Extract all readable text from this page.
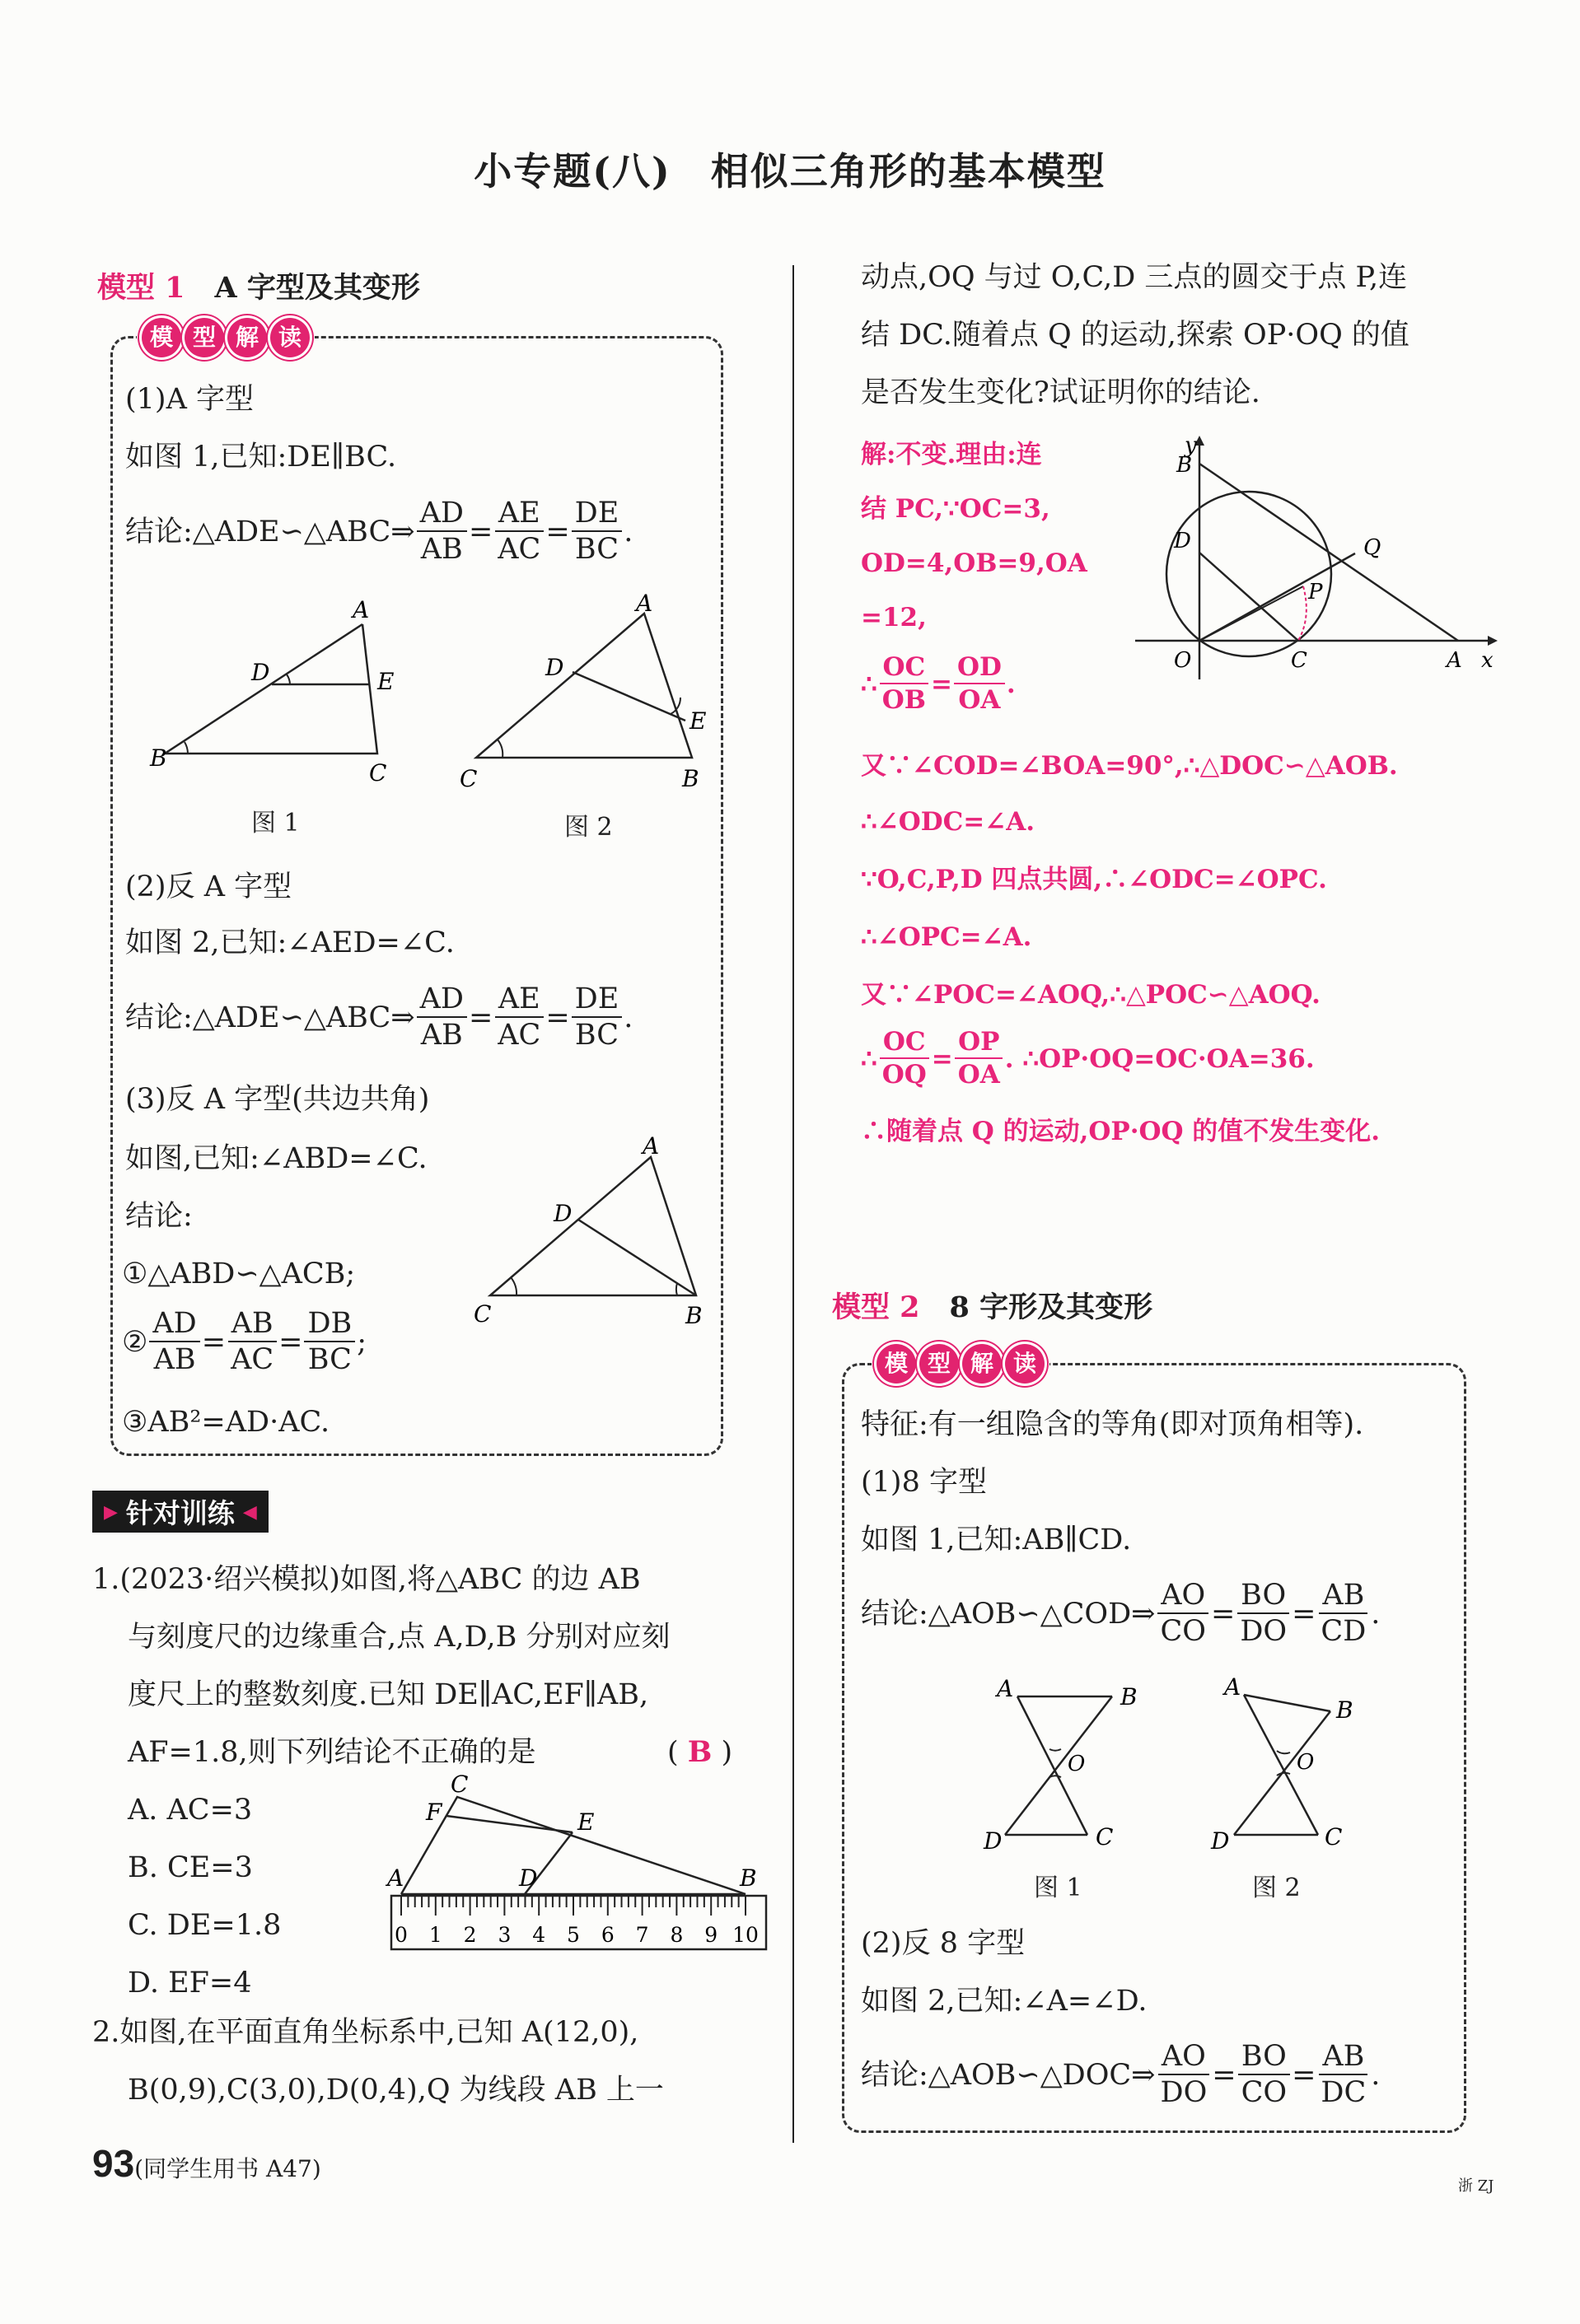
小专题(八)　相似三角形的基本模型
模型 1 A 字型及其变形
模 型 解 读
(1)A 字型
如图 1,已知:DE∥BC.
结论:△ADE∽△ABC⇒ $\frac{AD}{AB} = \frac{AE}{AC} = \frac{DE}{BC}$ .
A
D	E
B
C
图 1
A
D
E
C	B
图 2
(2)反 A 字型
如图 2,已知:∠AED=∠C.
结论:△ADE∽△ABC⇒ $\frac{AD}{AB} = \frac{AE}{AC} = \frac{DE}{BC}$ .
(3)反 A 字型(共边共角)
如图,已知:∠ABD=∠C.
结论:
①△ABD∽△ACB;
② $\frac{AD}{AB} = \frac{AB}{AC} = \frac{DB}{BC}$ ;
③AB²=AD·AC.
A
D
C	B
▶ 针对训练 ◀
1.(2023·绍兴模拟)如图,将△ABC 的边 AB
与刻度尺的边缘重合,点 A,D,B 分别对应刻
度尺上的整数刻度.已知 DE∥AC,EF∥AB,
AF=1.8,则下列结论不正确的是	( B )
A. AC=3
B. CE=3
C. DE=1.8
D. EF=4
C
F	E
A	D	B
0 1 2 3 4 5 6 7 8 9 10
2.如图,在平面直角坐标系中,已知 A(12,0),
B(0,9),C(3,0),D(0,4),Q 为线段 AB 上一
动点,OQ 与过 O,C,D 三点的圆交于点 P,连
结 DC.随着点 Q 的运动,探索 OP·OQ 的值
是否发生变化?试证明你的结论.
解:不变.理由:连
结 PC,∵OC=3,
OD=4,OB=9,OA
=12,
∴ $\frac{OC}{OB} = \frac{OD}{OA}$ .
又∵∠COD=∠BOA=90°,∴△DOC∽△AOB.
∴∠ODC=∠A.
∵O,C,P,D 四点共圆,∴∠ODC=∠OPC.
∴∠OPC=∠A.
又∵∠POC=∠AOQ,∴△POC∽△AOQ.
∴ $\frac{OC}{OQ} = \frac{OP}{OA}$ . ∴OP·OQ=OC·OA=36.
∴随着点 Q 的运动,OP·OQ 的值不发生变化.
y
B
D	Q
P
O	C	A x
模型 2 8 字形及其变形
模 型 解 读
特征:有一组隐含的等角(即对顶角相等).
(1)8 字型
如图 1,已知:AB∥CD.
结论:△AOB∽△COD⇒ $\frac{AO}{CO} = \frac{BO}{DO} = \frac{AB}{CD}$ .
A	B
O
D	C
图 1
A
B
O
D	C
图 2
(2)反 8 字型
如图 2,已知:∠A=∠D.
结论:△AOB∽△DOC⇒ $\frac{AO}{DO} = \frac{BO}{CO} = \frac{AB}{DC}$ .
93 (同学生用书 A47)
浙 ZJ
